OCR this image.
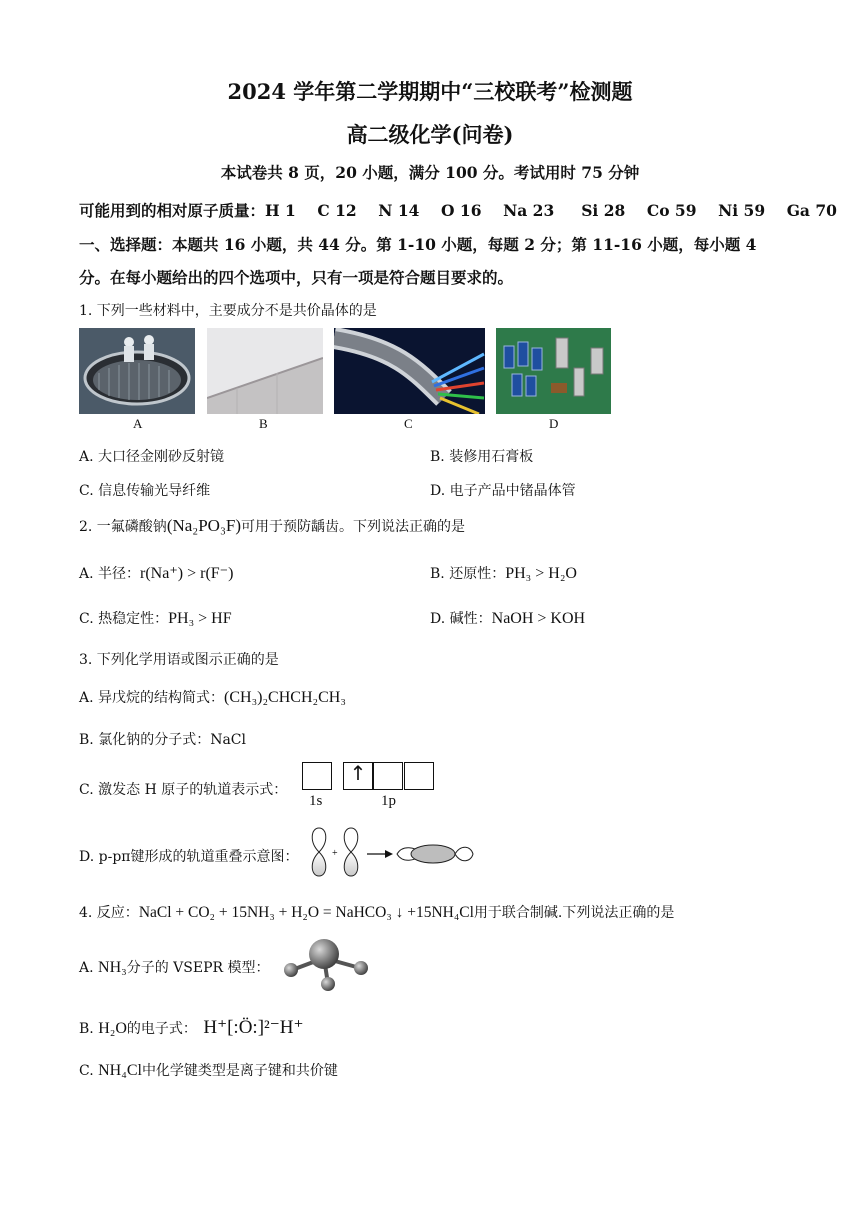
2024 学年第二学期期中“三校联考”检测题
高二级化学(问卷)
本试卷共 8 页，20 小题，满分 100 分。考试用时 75 分钟
可能用到的相对原子质量：H 1    C 12    N 14    O 16    Na 23     Si 28    Co 59    Ni 59    Ga 70
一、选择题：本题共 16 小题，共 44 分。第 1-10 小题，每题 2 分；第 11-16 小题，每小题 4
分。在每小题给出的四个选项中，只有一项是符合题目要求的。
1. 下列一些材料中，主要成分不是共价晶体的是
A	B	C	D
A. 大口径金刚砂反射镜	B. 装修用石膏板
C. 信息传输光导纤维	D. 电子产品中锗晶体管
2. 一氟磷酸钠(Na₂PO₃F)可用于预防龋齿。下列说法正确的是
A. 半径：r(Na⁺) > r(F⁻)	B. 还原性：PH₃ > H₂O
C. 热稳定性：PH₃ > HF	D. 碱性：NaOH > KOH
3. 下列化学用语或图示正确的是
A. 异戊烷的结构简式：(CH₃)₂CHCH₂CH₃
B. 氯化钠的分子式：NaCl
C. 激发态 H 原子的轨道表示式：
↑
1s	1p
D. p-pπ键形成的轨道重叠示意图：	+
4. 反应：NaCl + CO₂ + 15NH₃ + H₂O = NaHCO₃ ↓ +15NH₄Cl用于联合制碱.下列说法正确的是
A. NH₃分子的 VSEPR 模型：
B. H₂O的电子式： H⁺[:Ö:]²⁻H⁺
C. NH₄Cl中化学键类型是离子键和共价键
